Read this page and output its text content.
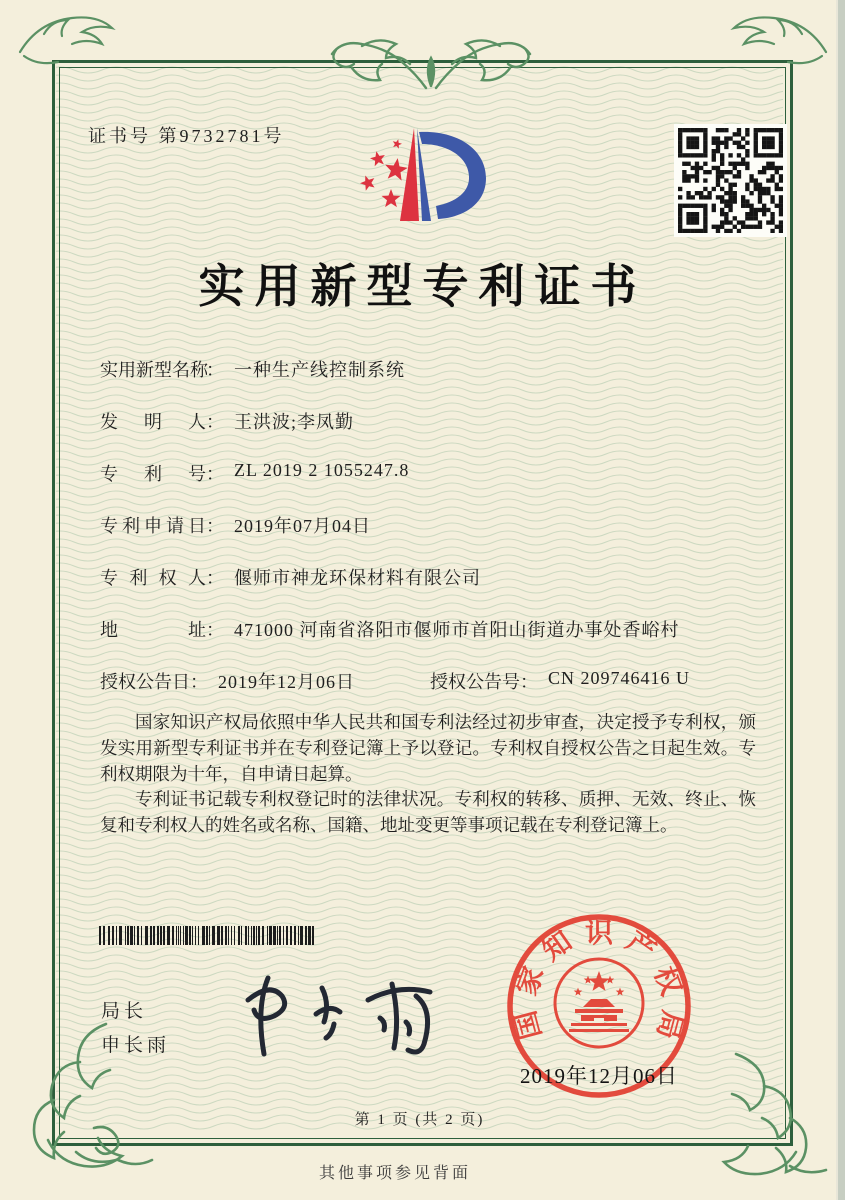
证书号 第9732781号
实用新型专利证书
实用新型名称： 一种生产线控制系统
发明人： 王洪波;李凤勤
专利号： ZL 2019 2 1055247.8
专利申请日： 2019年07月04日
专利权人： 偃师市神龙环保材料有限公司
地址： 471000 河南省洛阳市偃师市首阳山街道办事处香峪村
授权公告日： 2019年12月06日	授权公告号： CN 209746416 U

国家知识产权局依照中华人民共和国专利法经过初步审查，决定授予专利权，颁发实用新型专利证书并在专利登记簿上予以登记。专利权自授权公告之日起生效。专利权期限为十年，自申请日起算。

专利证书记载专利权登记时的法律状况。专利权的转移、质押、无效、终止、恢复和专利权人的姓名或名称、国籍、地址变更等事项记载在专利登记簿上。

局长
申长雨
国
家
知 识 产
权
局
2019年12月06日
第 1 页 (共 2 页)
其他事项参见背面
